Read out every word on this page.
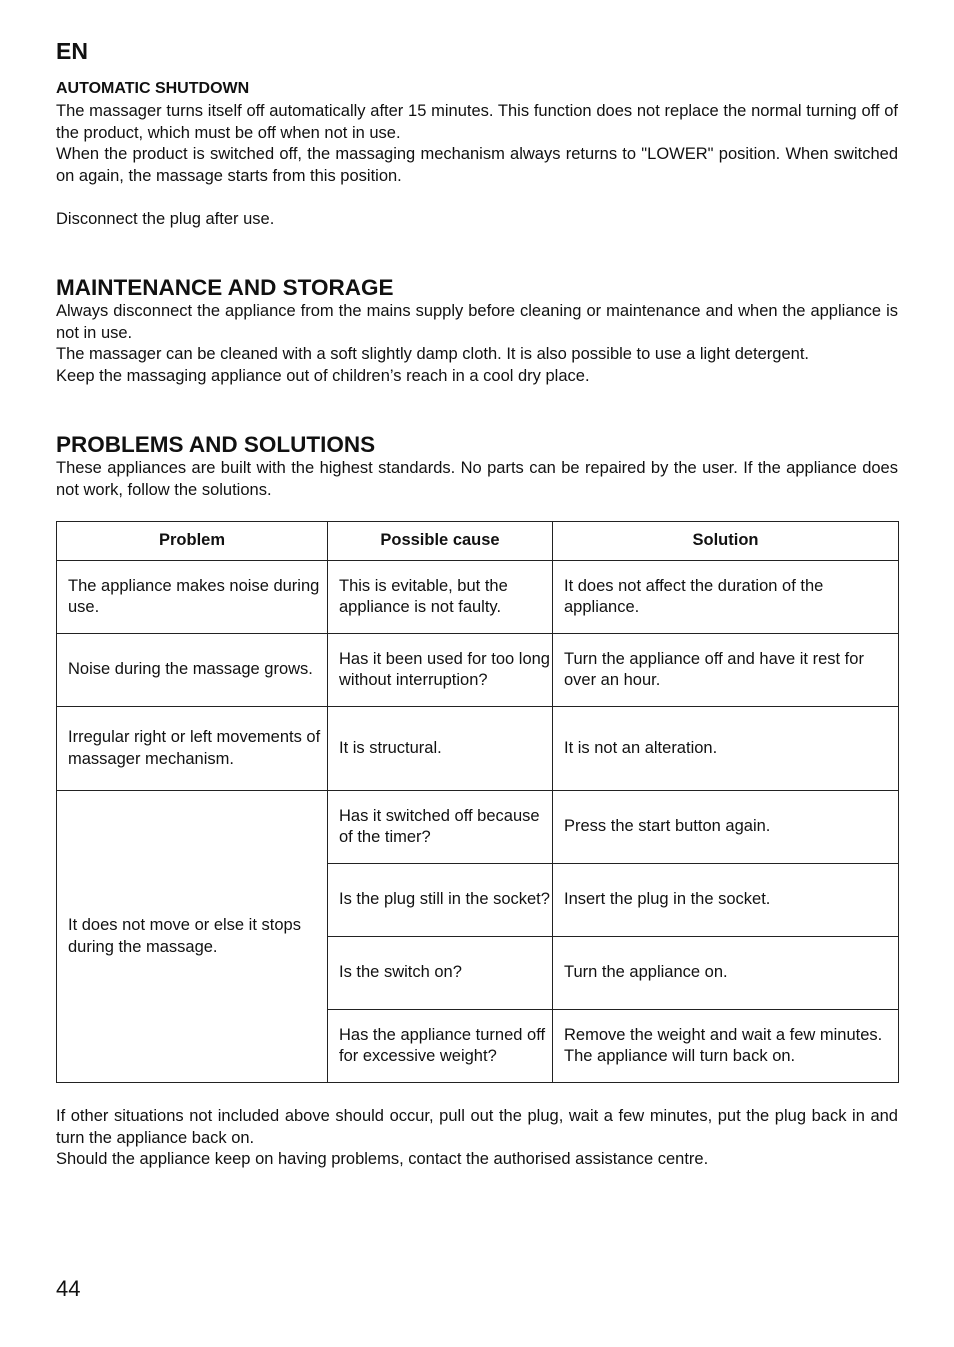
EN
AUTOMATIC SHUTDOWN

The massager turns itself off automatically after 15 minutes. This function does not replace the normal turning off of the product, which must be off when not in use.

When the product is switched off, the massaging mechanism always returns to "LOWER" position. When switched on again, the massage starts from this position.

Disconnect the plug after use.

MAINTENANCE AND STORAGE

Always disconnect the appliance from the mains supply before cleaning or maintenance and when the appliance is not in use.

The massager can be cleaned with a soft slightly damp cloth. It is also possible to use a light detergent.

Keep the massaging appliance out of children’s reach in a cool dry place.

PROBLEMS AND SOLUTIONS

These appliances are built with the highest standards. No parts can be repaired by the user. If the appliance does not work, follow the solutions.

Problem	Possible cause	Solution
The appliance makes noise during use.	This is evitable, but the appliance is not faulty.	It does not affect the duration of the appliance.
Noise during the massage grows.	Has it been used for too long without interruption?	Turn the appliance off and have it rest for over an hour.
Irregular right or left movements of massager mechanism.	It is structural.	It is not an alteration.
It does not move or else it stops during the massage.	Has it switched off because of the timer?	Press the start button again.
	Is the plug still in the socket?	Insert the plug in the socket.
	Is the switch on?	Turn the appliance on.
	Has the appliance turned off for excessive weight?	Remove the weight and wait a few minutes. The appliance will turn back on.

If other situations not included above should occur, pull out the plug, wait a few minutes, put the plug back in and turn the appliance back on.

Should the appliance keep on having problems, contact the authorised assistance centre.

44
